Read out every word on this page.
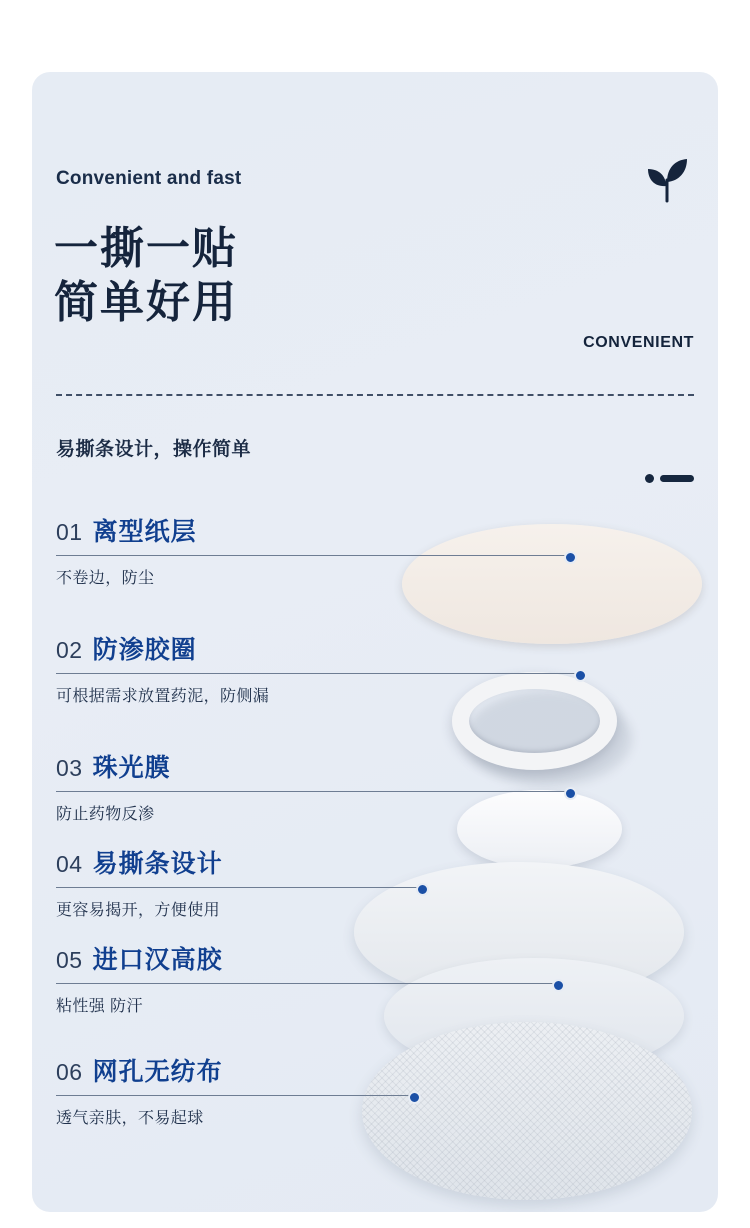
Convenient and fast
一撕一贴
简单好用
CONVENIENT
易撕条设计，操作简单
01 离型纸层
不卷边，防尘
02 防渗胶圈
可根据需求放置药泥，防侧漏
03 珠光膜
防止药物反渗
04 易撕条设计
更容易揭开，方便使用
05 进口汉高胶
粘性强 防汗
06 网孔无纺布
透气亲肤，不易起球
